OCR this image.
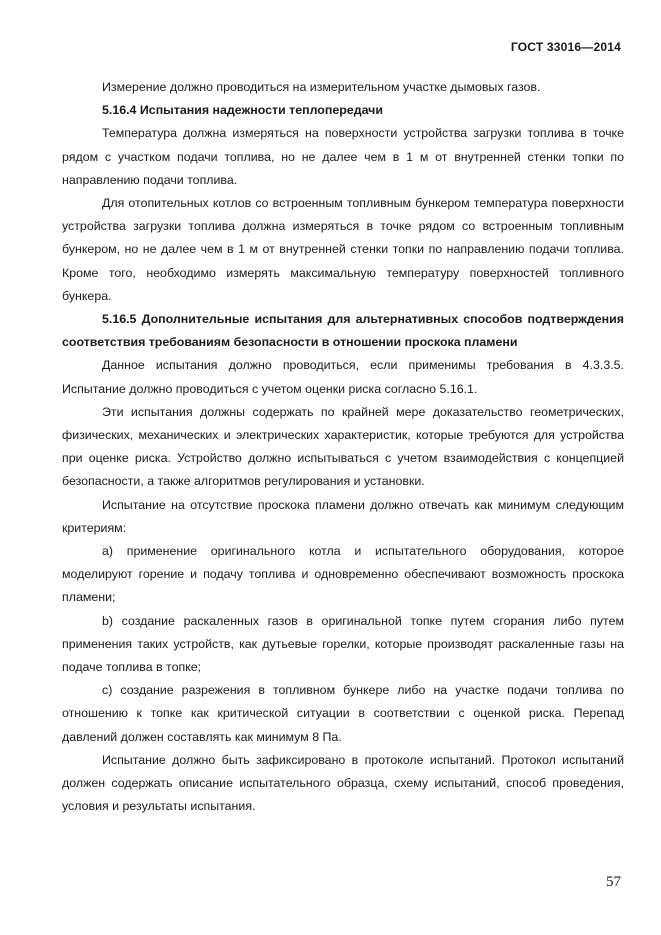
ГОСТ 33016—2014

Измерение должно проводиться на измерительном участке дымовых газов.

5.16.4 Испытания надежности теплопередачи

Температура должна измеряться на поверхности устройства загрузки топлива в точке рядом с участком подачи топлива, но не далее чем в 1 м от внутренней стенки топки по направлению подачи топлива.

Для отопительных котлов со встроенным топливным бункером температура поверхности устройства загрузки топлива должна измеряться в точке рядом со встроенным топливным бункером, но не далее чем в 1 м от внутренней стенки топки по направлению подачи топлива. Кроме того, необходимо измерять максимальную температуру поверхностей топливного бункера.

5.16.5 Дополнительные испытания для альтернативных способов подтверждения соответствия требованиям безопасности в отношении проскока пламени

Данное испытания должно проводиться, если применимы требования в 4.3.3.5. Испытание должно проводиться с учетом оценки риска согласно 5.16.1.

Эти испытания должны содержать по крайней мере доказательство геометрических, физических, механических и электрических характеристик, которые требуются для устройства при оценке риска. Устройство должно испытываться с учетом взаимодействия с концепцией безопасности, а также алгоритмов регулирования и установки.

Испытание на отсутствие проскока пламени должно отвечать как минимум следующим критериям:

a) применение оригинального котла и испытательного оборудования, которое моделируют горение и подачу топлива и одновременно обеспечивают возможность проскока пламени;

b) создание раскаленных газов в оригинальной топке путем сгорания либо путем применения таких устройств, как дутьевые горелки, которые производят раскаленные газы на подаче топлива в топке;

c) создание разрежения в топливном бункере либо на участке подачи топлива по отношению к топке как критической ситуации в соответствии с оценкой риска. Перепад давлений должен составлять как минимум 8 Па.

Испытание должно быть зафиксировано в протоколе испытаний. Протокол испытаний должен содержать описание испытательного образца, схему испытаний, способ проведения, условия и результаты испытания.

57
